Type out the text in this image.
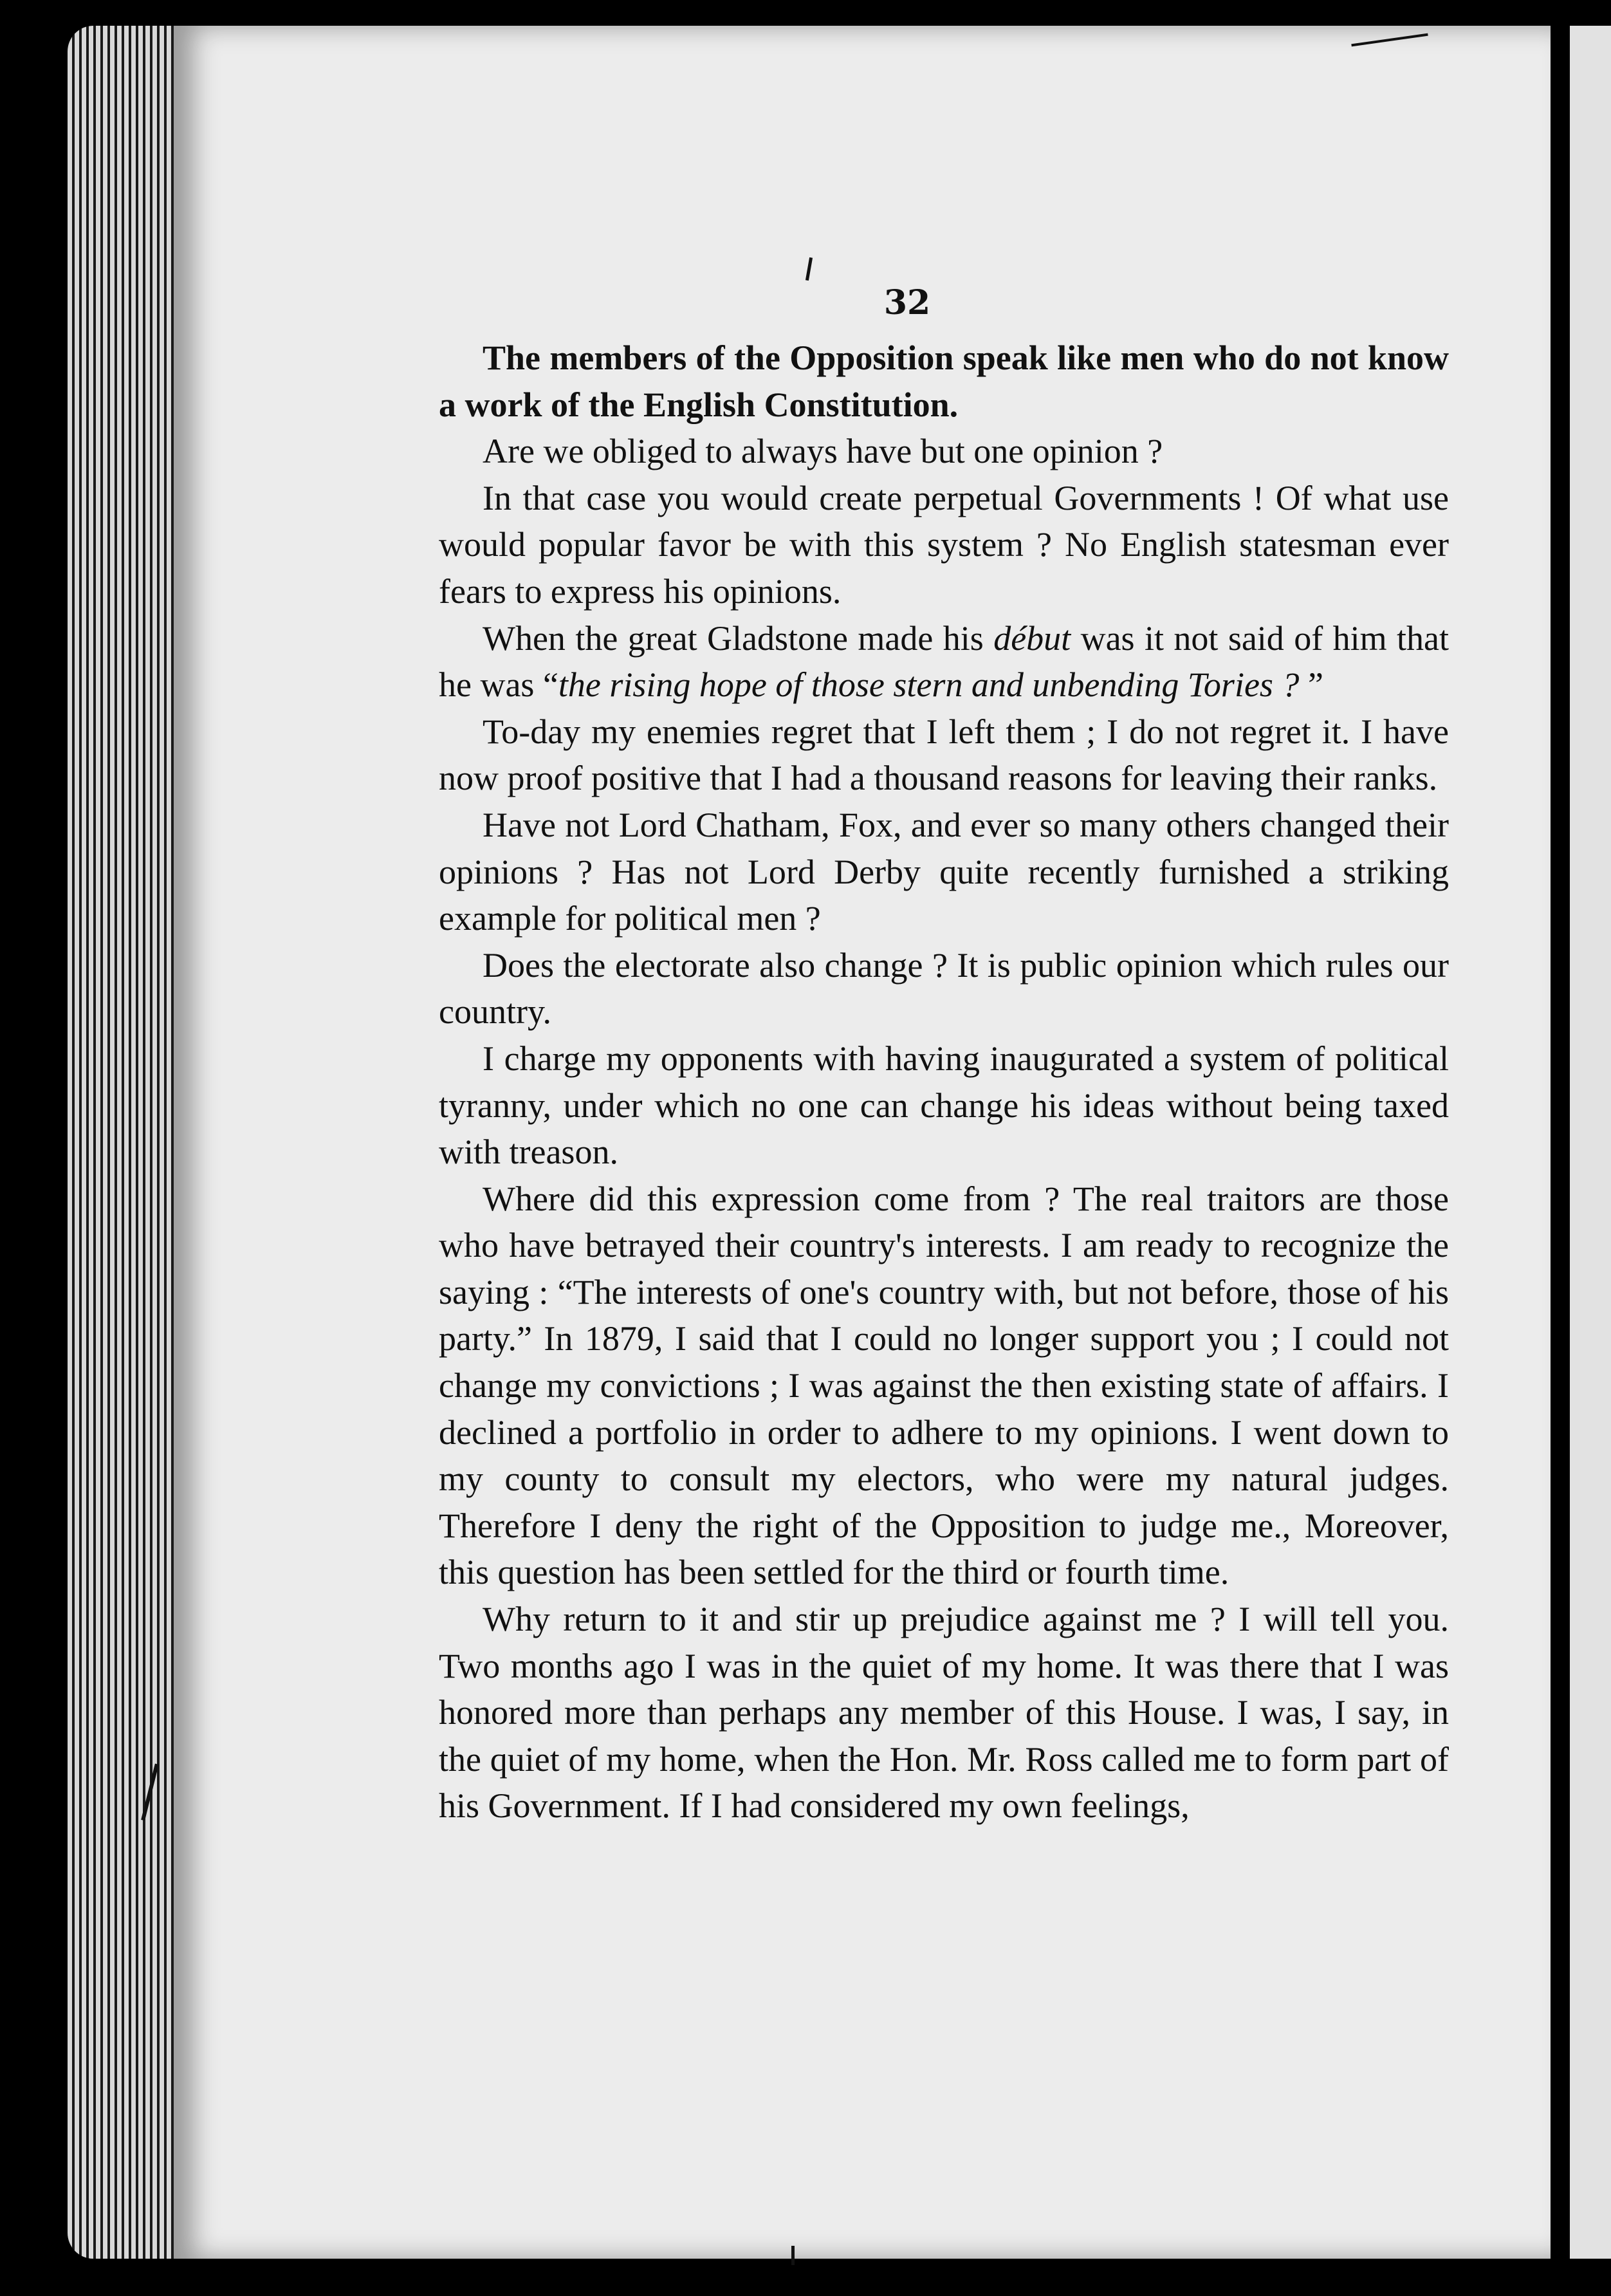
32

The members of the Opposition speak like men who do not know a work of the English Constitution.

Are we obliged to always have but one opinion ?

In that case you would create perpetual Governments ! Of what use would popular favor be with this system ? No English statesman ever fears to express his opinions.

When the great Gladstone made his début was it not said of him that he was “the rising hope of those stern and unbending Tories ? ”

To-day my enemies regret that I left them ; I do not regret it. I have now proof positive that I had a thousand reasons for leaving their ranks.

Have not Lord Chatham, Fox, and ever so many others changed their opinions ? Has not Lord Derby quite recently furnished a striking example for political men ?

Does the electorate also change ? It is public opinion which rules our country.

I charge my opponents with having inaugurated a system of political tyranny, under which no one can change his ideas without being taxed with treason.

Where did this expression come from ? The real traitors are those who have betrayed their country's interests. I am ready to recognize the saying : “The interests of one's country with, but not before, those of his party.” In 1879, I said that I could no longer support you ; I could not change my convictions ; I was against the then existing state of affairs. I declined a portfolio in order to adhere to my opinions. I went down to my county to consult my electors, who were my natural judges. Therefore I deny the right of the Opposition to judge me., Moreover, this question has been settled for the third or fourth time.

Why return to it and stir up prejudice against me ? I will tell you. Two months ago I was in the quiet of my home. It was there that I was honored more than perhaps any member of this House. I was, I say, in the quiet of my home, when the Hon. Mr. Ross called me to form part of his Government. If I had considered my own feelings,
